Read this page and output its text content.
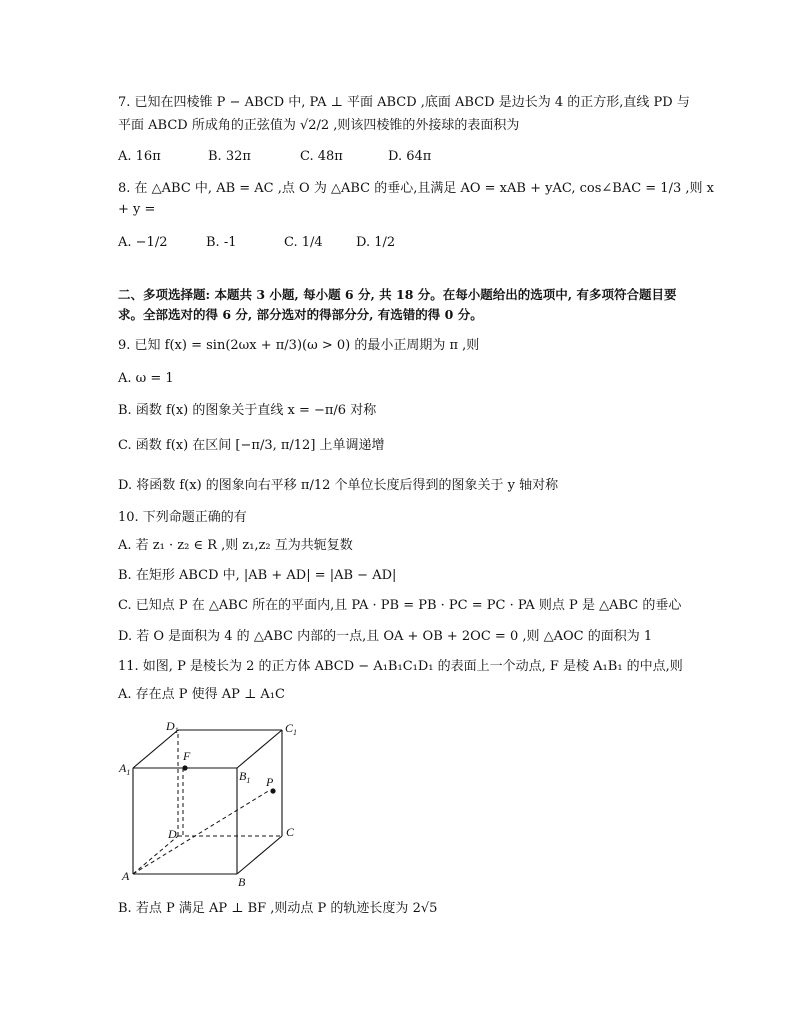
7. 已知在四棱锥 P − ABCD 中, PA ⊥ 平面 ABCD ,底面 ABCD 是边长为 4 的正方形,直线 PD 与
平面 ABCD 所成角的正弦值为 √2/2 ,则该四棱锥的外接球的表面积为
A. 16π	B. 32π	C. 48π	D. 64π
8. 在 △ABC 中, AB = AC ,点 O 为 △ABC 的垂心,且满足 AO = xAB + yAC, cos∠BAC = 1/3 ,则 x
+ y =
A. −1/2	B. -1	C. 1/4	D. 1/2
二、多项选择题: 本题共 3 小题, 每小题 6 分, 共 18 分。在每小题给出的选项中, 有多项符合题目要求。全部选对的得 6 分, 部分选对的得部分分, 有选错的得 0 分。
9. 已知 f(x) = sin(2ωx + π/3)(ω > 0) 的最小正周期为 π ,则
A. ω = 1
B. 函数 f(x) 的图象关于直线 x = −π/6 对称
C. 函数 f(x) 在区间 [−π/3, π/12] 上单调递增
D. 将函数 f(x) 的图象向右平移 π/12 个单位长度后得到的图象关于 y 轴对称
10. 下列命题正确的有
A. 若 z₁ · z₂ ∈ R ,则 z₁,z₂ 互为共轭复数
B. 在矩形 ABCD 中, |AB + AD| = |AB − AD|
C. 已知点 P 在 △ABC 所在的平面内,且 PA · PB = PB · PC = PC · PA 则点 P 是 △ABC 的垂心
D. 若 O 是面积为 4 的 △ABC 内部的一点,且 OA + OB + 2OC = 0 ,则 △AOC 的面积为 1
11. 如图, P 是棱长为 2 的正方体 ABCD − A₁B₁C₁D₁ 的表面上一个动点, F 是棱 A₁B₁ 的中点,则
A. 存在点 P 使得 AP ⊥ A₁C
A	B
C
D
$A_1$	$B_1$
$C_1$
$D_1$
F
P
B. 若点 P 满足 AP ⊥ BF ,则动点 P 的轨迹长度为 2√5
